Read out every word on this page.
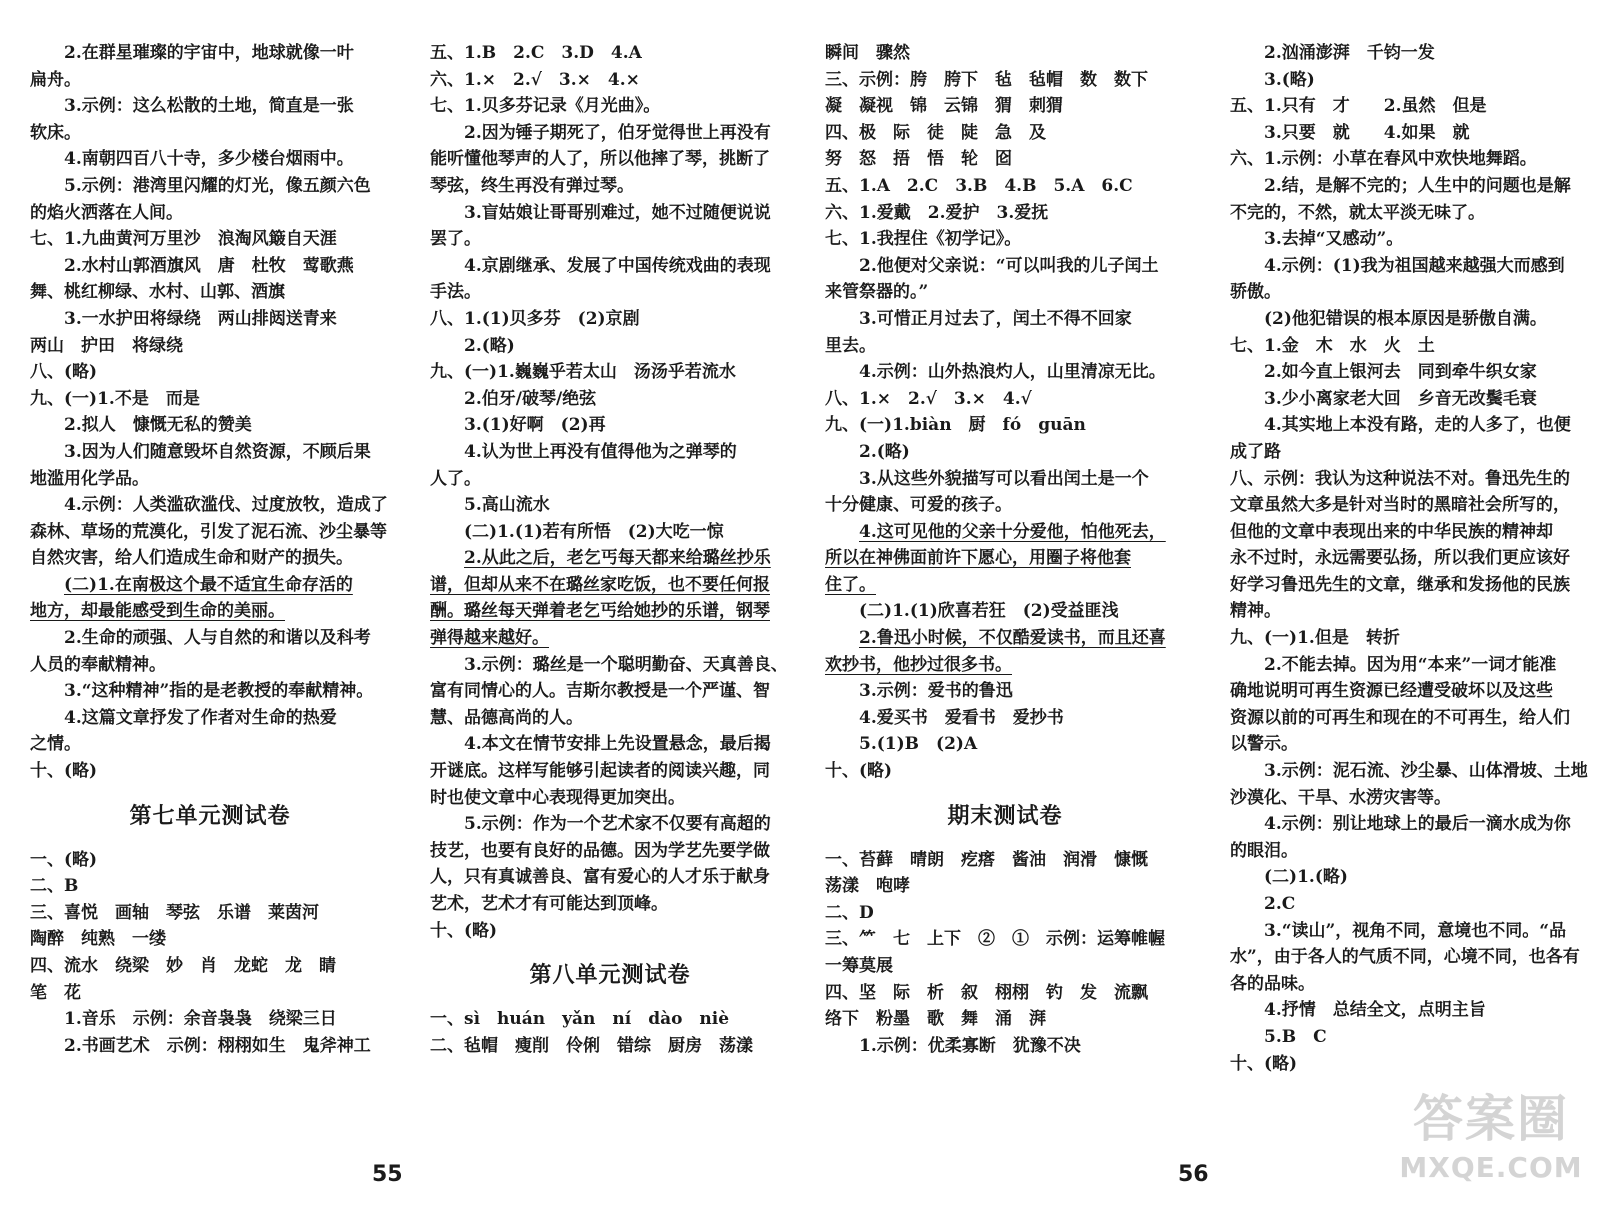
2.在群星璀璨的宇宙中，地球就像一叶
扁舟。
3.示例：这么松散的土地，简直是一张
软床。
4.南朝四百八十寺，多少楼台烟雨中。
5.示例：港湾里闪耀的灯光，像五颜六色
的焰火洒落在人间。
七、1.九曲黄河万里沙　浪淘风簸自天涯
2.水村山郭酒旗风　唐　杜牧　莺歌燕
舞、桃红柳绿、水村、山郭、酒旗
3.一水护田将绿绕　两山排闼送青来
两山　护田　将绿绕
八、(略)
九、(一)1.不是　而是
2.拟人　慷慨无私的赞美
3.因为人们随意毁坏自然资源，不顾后果
地滥用化学品。
4.示例：人类滥砍滥伐、过度放牧，造成了
森林、草场的荒漠化，引发了泥石流、沙尘暴等
自然灾害，给人们造成生命和财产的损失。
(二)1.在南极这个最不适宜生命存活的
地方，却最能感受到生命的美丽。
2.生命的顽强、人与自然的和谐以及科考
人员的奉献精神。
3.“这种精神”指的是老教授的奉献精神。
4.这篇文章抒发了作者对生命的热爱
之情。
十、(略)
第七单元测试卷
一、(略)
二、B
三、喜悦　画轴　琴弦　乐谱　莱茵河
陶醉　纯熟　一缕
四、流水　绕梁　妙　肖　龙蛇　龙　睛
笔　花
1.音乐　示例：余音袅袅　绕梁三日
2.书画艺术　示例：栩栩如生　鬼斧神工
五、1.B　2.C　3.D　4.A
六、1.×　2.√　3.×　4.×
七、1.贝多芬记录《月光曲》。
2.因为锤子期死了，伯牙觉得世上再没有
能听懂他琴声的人了，所以他摔了琴，挑断了
琴弦，终生再没有弹过琴。
3.盲姑娘让哥哥别难过，她不过随便说说
罢了。
4.京剧继承、发展了中国传统戏曲的表现
手法。
八、1.(1)贝多芬　(2)京剧
2.(略)
九、(一)1.巍巍乎若太山　汤汤乎若流水
2.伯牙/破琴/绝弦
3.(1)好啊　(2)再
4.认为世上再没有值得他为之弹琴的
人了。
5.高山流水
(二)1.(1)若有所悟　(2)大吃一惊
2.从此之后，老乞丐每天都来给璐丝抄乐
谱，但却从来不在璐丝家吃饭，也不要任何报
酬。璐丝每天弹着老乞丐给她抄的乐谱，钢琴
弹得越来越好。
3.示例：璐丝是一个聪明勤奋、天真善良、
富有同情心的人。吉斯尔教授是一个严谨、智
慧、品德高尚的人。
4.本文在情节安排上先设置悬念，最后揭
开谜底。这样写能够引起读者的阅读兴趣，同
时也使文章中心表现得更加突出。
5.示例：作为一个艺术家不仅要有高超的
技艺，也要有良好的品德。因为学艺先要学做
人，只有真诚善良、富有爱心的人才乐于献身
艺术，艺术才有可能达到顶峰。
十、(略)
第八单元测试卷
一、sì　huán　yǎn　ní　dào　niè
二、毡帽　瘦削　伶俐　错综　厨房　荡漾
瞬间　骤然
三、示例：胯　胯下　毡　毡帽　数　数下
凝　凝视　锦　云锦　猬　刺猬
四、极　际　徒　陡　急　及
努　怒　捂　悟　轮　囵
五、1.A　2.C　3.B　4.B　5.A　6.C
六、1.爱戴　2.爱护　3.爱抚
七、1.我捏住《初学记》。
2.他便对父亲说：“可以叫我的儿子闰土
来管祭器的。”
3.可惜正月过去了，闰土不得不回家
里去。
4.示例：山外热浪灼人，山里清凉无比。
八、1.×　2.√　3.×　4.√
九、(一)1.biàn　厨　fó　guān
2.(略)
3.从这些外貌描写可以看出闰土是一个
十分健康、可爱的孩子。
4.这可见他的父亲十分爱他，怕他死去，
所以在神佛面前许下愿心，用圈子将他套
住了。
(二)1.(1)欣喜若狂　(2)受益匪浅
2.鲁迅小时候，不仅酷爱读书，而且还喜
欢抄书，他抄过很多书。
3.示例：爱书的鲁迅
4.爱买书　爱看书　爱抄书
5.(1)B　(2)A
十、(略)
期末测试卷
一、苔藓　晴朗　疙瘩　酱油　润滑　慷慨
荡漾　咆哮
二、D
三、⺮　七　上下　②　①　示例：运筹帷幄
一筹莫展
四、坚　际　析　叙　栩栩　钓　发　流飘
络下　粉墨　歌　舞　涌　湃
1.示例：优柔寡断　犹豫不决
2.汹涌澎湃　千钧一发
3.(略)
五、1.只有　才　　2.虽然　但是
3.只要　就　　4.如果　就
六、1.示例：小草在春风中欢快地舞蹈。
2.结，是解不完的；人生中的问题也是解
不完的，不然，就太平淡无味了。
3.去掉“又感动”。
4.示例：(1)我为祖国越来越强大而感到
骄傲。
(2)他犯错误的根本原因是骄傲自满。
七、1.金　木　水　火　土
2.如今直上银河去　同到牵牛织女家
3.少小离家老大回　乡音无改鬓毛衰
4.其实地上本没有路，走的人多了，也便
成了路
八、示例：我认为这种说法不对。鲁迅先生的
文章虽然大多是针对当时的黑暗社会所写的，
但他的文章中表现出来的中华民族的精神却
永不过时，永远需要弘扬，所以我们更应该好
好学习鲁迅先生的文章，继承和发扬他的民族
精神。
九、(一)1.但是　转折
2.不能去掉。因为用“本来”一词才能准
确地说明可再生资源已经遭受破坏以及这些
资源以前的可再生和现在的不可再生，给人们
以警示。
3.示例：泥石流、沙尘暴、山体滑坡、土地
沙漠化、干旱、水涝灾害等。
4.示例：别让地球上的最后一滴水成为你
的眼泪。
(二)1.(略)
2.C
3.“读山”，视角不同，意境也不同。“品
水”，由于各人的气质不同，心境不同，也各有
各的品味。
4.抒情　总结全文，点明主旨
5.B　C
十、(略)
55	56
答案圈
MXQE.COM
